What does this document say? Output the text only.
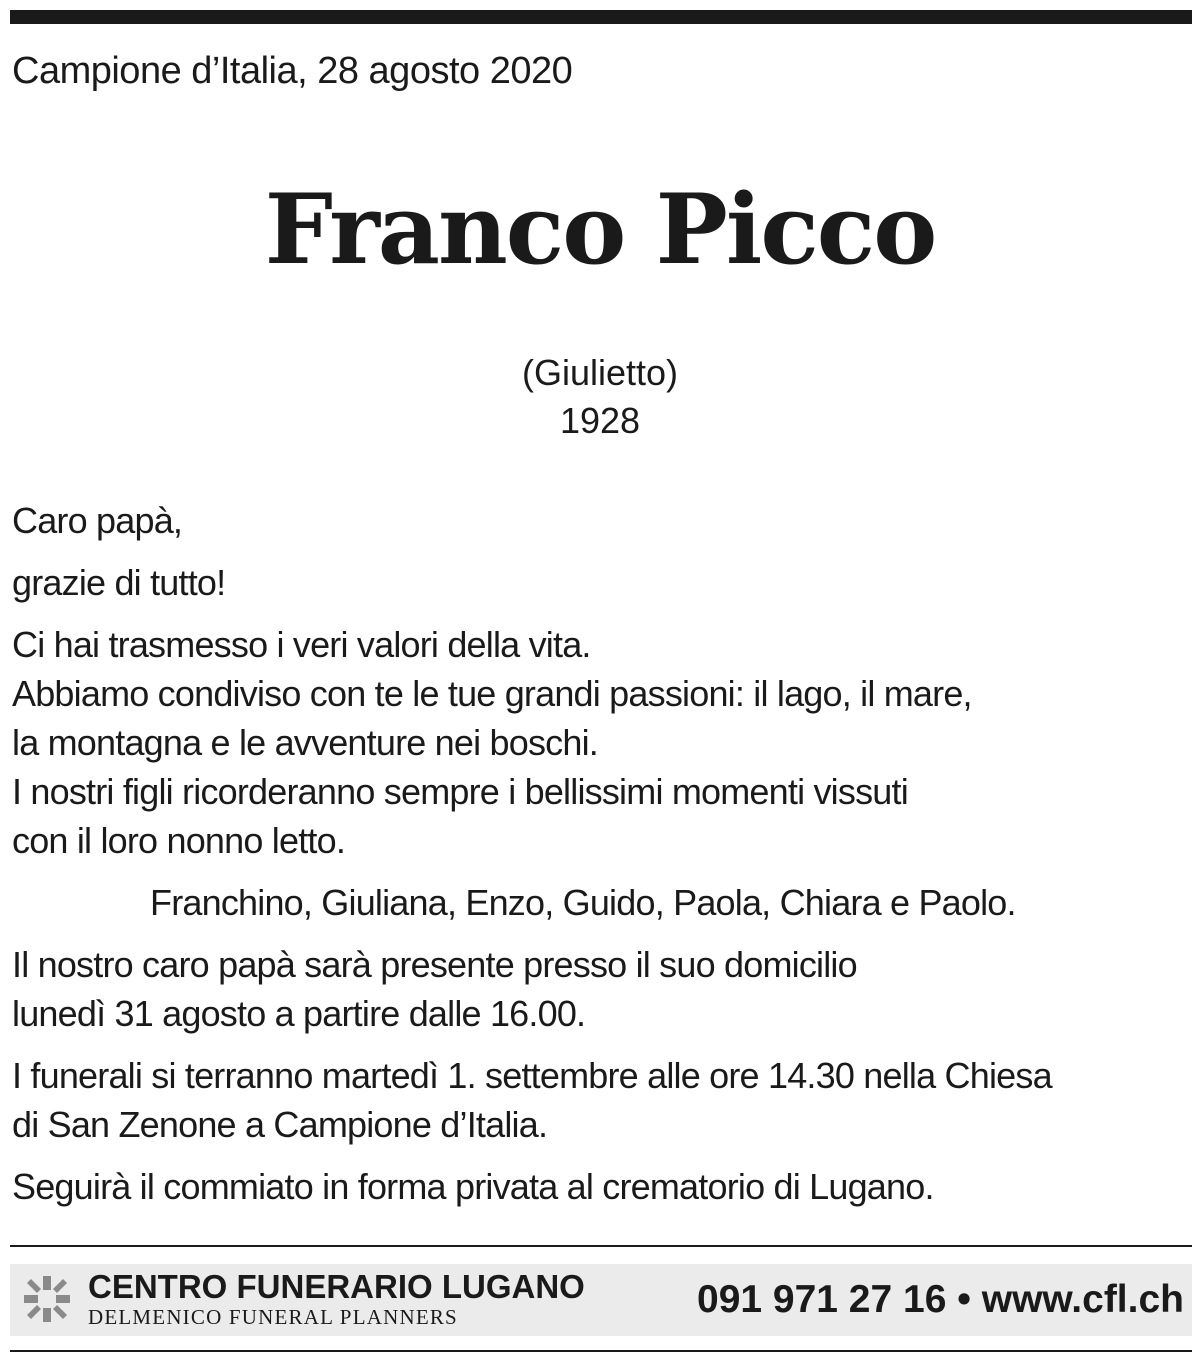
Campione d’Italia, 28 agosto 2020
Franco Picco
(Giulietto)
1928
Caro papà,
grazie di tutto!
Ci hai trasmesso i veri valori della vita.
Abbiamo condiviso con te le tue grandi passioni: il lago, il mare,
la montagna e le avventure nei boschi.
I nostri figli ricorderanno sempre i bellissimi momenti vissuti
con il loro nonno letto.
Franchino, Giuliana, Enzo, Guido, Paola, Chiara e Paolo.
Il nostro caro papà sarà presente presso il suo domicilio
lunedì 31 agosto a partire dalle 16.00.
I funerali si terranno martedì 1. settembre alle ore 14.30 nella Chiesa
di San Zenone a Campione d’Italia.
Seguirà il commiato in forma privata al crematorio di Lugano.
CENTRO FUNERARIO LUGANO
DELMENICO FUNERAL PLANNERS	091 971 27 16 • www.cfl.ch
